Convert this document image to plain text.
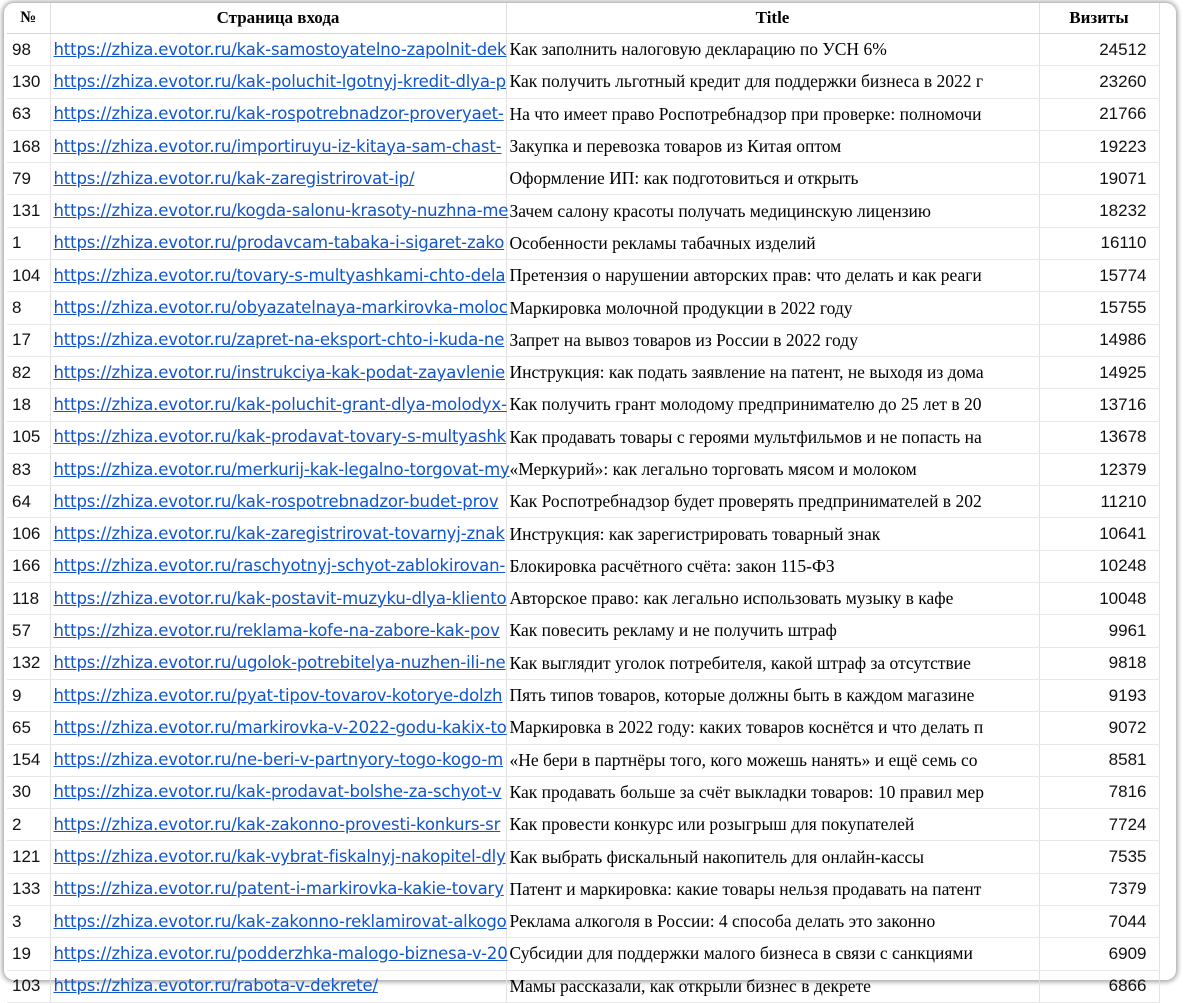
№	Страница входа	Title	Визиты
98	https://zhiza.evotor.ru/kak-samostoyatelno-zapolnit-dek	Как заполнить налоговую декларацию по УСН 6%	24512
130	https://zhiza.evotor.ru/kak-poluchit-lgotnyj-kredit-dlya-p	Как получить льготный кредит для поддержки бизнеса в 2022 г	23260
63	https://zhiza.evotor.ru/kak-rospotrebnadzor-proveryaet-	На что имеет право Роспотребнадзор при проверке: полномочи	21766
168	https://zhiza.evotor.ru/importiruyu-iz-kitaya-sam-chast-	Закупка и перевозка товаров из Китая оптом	19223
79	https://zhiza.evotor.ru/kak-zaregistrirovat-ip/	Оформление ИП: как подготовиться и открыть	19071
131	https://zhiza.evotor.ru/kogda-salonu-krasoty-nuzhna-me	Зачем салону красоты получать медицинскую лицензию	18232
1	https://zhiza.evotor.ru/prodavcam-tabaka-i-sigaret-zako	Особенности рекламы табачных изделий	16110
104	https://zhiza.evotor.ru/tovary-s-multyashkami-chto-dela	Претензия о нарушении авторских прав: что делать и как реаги	15774
8	https://zhiza.evotor.ru/obyazatelnaya-markirovka-moloc	Маркировка молочной продукции в 2022 году	15755
17	https://zhiza.evotor.ru/zapret-na-eksport-chto-i-kuda-ne	Запрет на вывоз товаров из России в 2022 году	14986
82	https://zhiza.evotor.ru/instrukciya-kak-podat-zayavlenie	Инструкция: как подать заявление на патент, не выходя из дома	14925
18	https://zhiza.evotor.ru/kak-poluchit-grant-dlya-molodyx-	Как получить грант молодому предпринимателю до 25 лет в 20	13716
105	https://zhiza.evotor.ru/kak-prodavat-tovary-s-multyashk	Как продавать товары с героями мультфильмов и не попасть на	13678
83	https://zhiza.evotor.ru/merkurij-kak-legalno-torgovat-my	«Меркурий»: как легально торговать мясом и молоком	12379
64	https://zhiza.evotor.ru/kak-rospotrebnadzor-budet-prov	Как Роспотребнадзор будет проверять предпринимателей в 202	11210
106	https://zhiza.evotor.ru/kak-zaregistrirovat-tovarnyj-znak	Инструкция: как зарегистрировать товарный знак	10641
166	https://zhiza.evotor.ru/raschyotnyj-schyot-zablokirovan-	Блокировка расчётного счёта: закон 115-ФЗ	10248
118	https://zhiza.evotor.ru/kak-postavit-muzyku-dlya-kliento	Авторское право: как легально использовать музыку в кафе	10048
57	https://zhiza.evotor.ru/reklama-kofe-na-zabore-kak-pov	Как повесить рекламу и не получить штраф	9961
132	https://zhiza.evotor.ru/ugolok-potrebitelya-nuzhen-ili-ne	Как выглядит уголок потребителя, какой штраф за отсутствие	9818
9	https://zhiza.evotor.ru/pyat-tipov-tovarov-kotorye-dolzh	Пять типов товаров, которые должны быть в каждом магазине	9193
65	https://zhiza.evotor.ru/markirovka-v-2022-godu-kakix-to	Маркировка в 2022 году: каких товаров коснётся и что делать п	9072
154	https://zhiza.evotor.ru/ne-beri-v-partnyory-togo-kogo-m	«Не бери в партнёры того, кого можешь нанять» и ещё семь со	8581
30	https://zhiza.evotor.ru/kak-prodavat-bolshe-za-schyot-v	Как продавать больше за счёт выкладки товаров: 10 правил мер	7816
2	https://zhiza.evotor.ru/kak-zakonno-provesti-konkurs-sr	Как провести конкурс или розыгрыш для покупателей	7724
121	https://zhiza.evotor.ru/kak-vybrat-fiskalnyj-nakopitel-dly	Как выбрать фискальный накопитель для онлайн-кассы	7535
133	https://zhiza.evotor.ru/patent-i-markirovka-kakie-tovary	Патент и маркировка: какие товары нельзя продавать на патент	7379
3	https://zhiza.evotor.ru/kak-zakonno-reklamirovat-alkogo	Реклама алкоголя в России: 4 способа делать это законно	7044
19	https://zhiza.evotor.ru/podderzhka-malogo-biznesa-v-20	Субсидии для поддержки малого бизнеса в связи с санкциями	6909
103	https://zhiza.evotor.ru/rabota-v-dekrete/	Мамы рассказали, как открыли бизнес в декрете	6866
